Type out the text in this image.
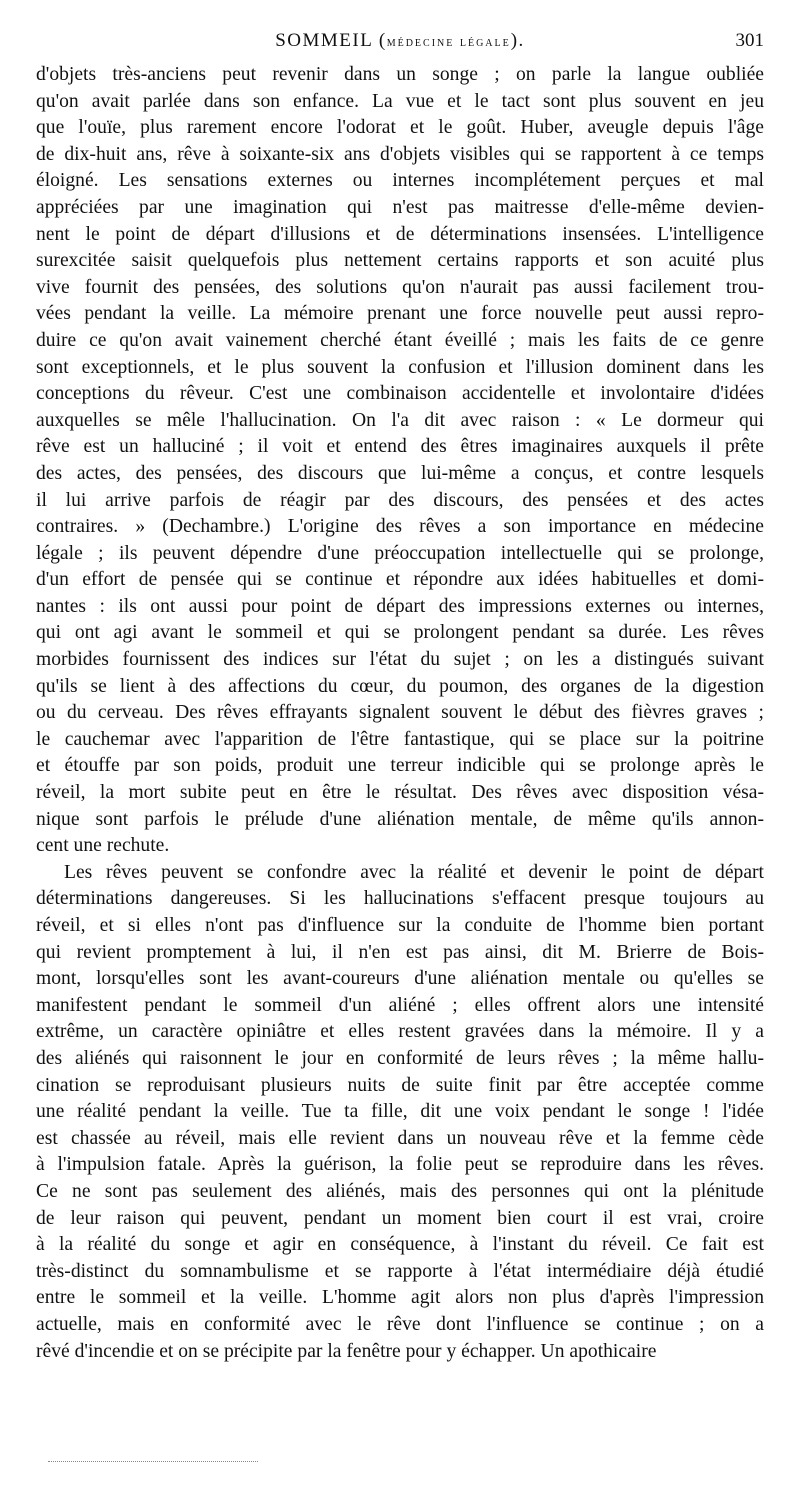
SOMMEIL (médecine légale).	301
d'objets très-anciens peut revenir dans un songe ; on parle la langue oubliée
qu'on avait parlée dans son enfance. La vue et le tact sont plus souvent en jeu
que l'ouïe, plus rarement encore l'odorat et le goût. Huber, aveugle depuis l'âge
de dix-huit ans, rêve à soixante-six ans d'objets visibles qui se rapportent à ce temps
éloigné. Les sensations externes ou internes incomplétement perçues et mal
appréciées par une imagination qui n'est pas maitresse d'elle-même devien-
nent le point de départ d'illusions et de déterminations insensées. L'intelligence
surexcitée saisit quelquefois plus nettement certains rapports et son acuité plus
vive fournit des pensées, des solutions qu'on n'aurait pas aussi facilement trou-
vées pendant la veille. La mémoire prenant une force nouvelle peut aussi repro-
duire ce qu'on avait vainement cherché étant éveillé ; mais les faits de ce genre
sont exceptionnels, et le plus souvent la confusion et l'illusion dominent dans les
conceptions du rêveur. C'est une combinaison accidentelle et involontaire d'idées
auxquelles se mêle l'hallucination. On l'a dit avec raison : « Le dormeur qui
rêve est un halluciné ; il voit et entend des êtres imaginaires auxquels il prête
des actes, des pensées, des discours que lui-même a conçus, et contre lesquels
il lui arrive parfois de réagir par des discours, des pensées et des actes
contraires. » (Dechambre.) L'origine des rêves a son importance en médecine
légale ; ils peuvent dépendre d'une préoccupation intellectuelle qui se prolonge,
d'un effort de pensée qui se continue et répondre aux idées habituelles et domi-
nantes : ils ont aussi pour point de départ des impressions externes ou internes,
qui ont agi avant le sommeil et qui se prolongent pendant sa durée. Les rêves
morbides fournissent des indices sur l'état du sujet ; on les a distingués suivant
qu'ils se lient à des affections du cœur, du poumon, des organes de la digestion
ou du cerveau. Des rêves effrayants signalent souvent le début des fièvres graves ;
le cauchemar avec l'apparition de l'être fantastique, qui se place sur la poitrine
et étouffe par son poids, produit une terreur indicible qui se prolonge après le
réveil, la mort subite peut en être le résultat. Des rêves avec disposition vésa-
nique sont parfois le prélude d'une aliénation mentale, de même qu'ils annon-
cent une rechute.
Les rêves peuvent se confondre avec la réalité et devenir le point de départ
déterminations dangereuses. Si les hallucinations s'effacent presque toujours au
réveil, et si elles n'ont pas d'influence sur la conduite de l'homme bien portant
qui revient promptement à lui, il n'en est pas ainsi, dit M. Brierre de Bois-
mont, lorsqu'elles sont les avant-coureurs d'une aliénation mentale ou qu'elles se
manifestent pendant le sommeil d'un aliéné ; elles offrent alors une intensité
extrême, un caractère opiniâtre et elles restent gravées dans la mémoire. Il y a
des aliénés qui raisonnent le jour en conformité de leurs rêves ; la même hallu-
cination se reproduisant plusieurs nuits de suite finit par être acceptée comme
une réalité pendant la veille. Tue ta fille, dit une voix pendant le songe ! l'idée
est chassée au réveil, mais elle revient dans un nouveau rêve et la femme cède
à l'impulsion fatale. Après la guérison, la folie peut se reproduire dans les rêves.
Ce ne sont pas seulement des aliénés, mais des personnes qui ont la plénitude
de leur raison qui peuvent, pendant un moment bien court il est vrai, croire
à la réalité du songe et agir en conséquence, à l'instant du réveil. Ce fait est
très-distinct du somnambulisme et se rapporte à l'état intermédiaire déjà étudié
entre le sommeil et la veille. L'homme agit alors non plus d'après l'impression
actuelle, mais en conformité avec le rêve dont l'influence se continue ; on a
rêvé d'incendie et on se précipite par la fenêtre pour y échapper. Un apothicaire
